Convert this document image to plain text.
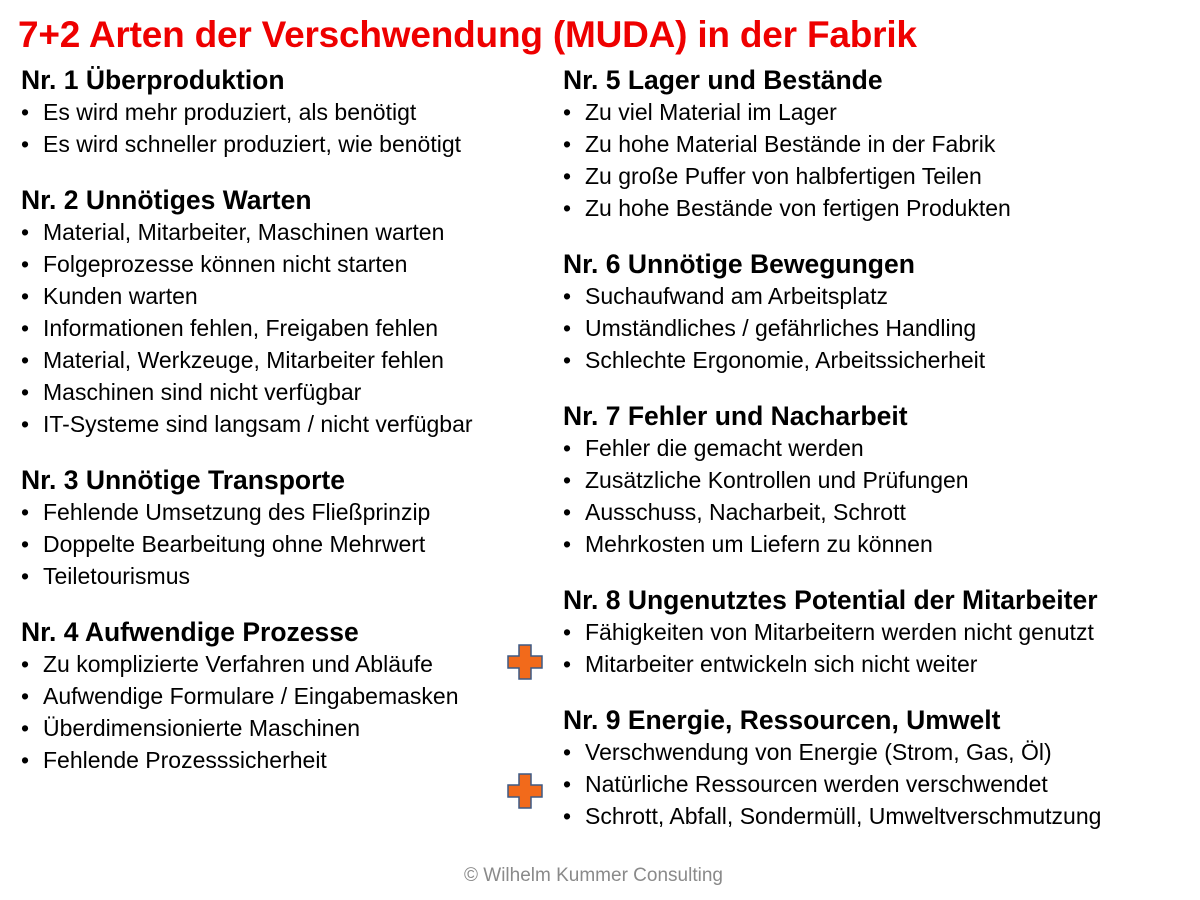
7+2 Arten der Verschwendung (MUDA) in der Fabrik
Nr. 1 Überproduktion
• Es wird mehr produziert, als benötigt
• Es wird schneller produziert, wie benötigt
Nr. 2 Unnötiges Warten
• Material, Mitarbeiter, Maschinen warten
• Folgeprozesse können nicht starten
• Kunden warten
• Informationen fehlen, Freigaben fehlen
• Material, Werkzeuge, Mitarbeiter fehlen
• Maschinen sind nicht verfügbar
• IT-Systeme sind langsam / nicht verfügbar
Nr. 3 Unnötige Transporte
• Fehlende Umsetzung des Fließprinzip
• Doppelte Bearbeitung ohne Mehrwert
• Teiletourismus
Nr. 4 Aufwendige Prozesse
• Zu komplizierte Verfahren und Abläufe
• Aufwendige Formulare / Eingabemasken
• Überdimensionierte Maschinen
• Fehlende Prozesssicherheit
Nr. 5 Lager und Bestände
• Zu viel Material im Lager
• Zu hohe Material Bestände in der Fabrik
• Zu große Puffer von halbfertigen Teilen
• Zu hohe Bestände von fertigen Produkten
Nr. 6 Unnötige Bewegungen
• Suchaufwand am Arbeitsplatz
• Umständliches / gefährliches Handling
• Schlechte Ergonomie, Arbeitssicherheit
Nr. 7 Fehler und Nacharbeit
• Fehler die gemacht werden
• Zusätzliche Kontrollen und Prüfungen
• Ausschuss, Nacharbeit, Schrott
• Mehrkosten um Liefern zu können
Nr. 8 Ungenutztes Potential der Mitarbeiter
• Fähigkeiten von Mitarbeitern werden nicht genutzt
• Mitarbeiter entwickeln sich nicht weiter
Nr. 9 Energie, Ressourcen, Umwelt
• Verschwendung von Energie (Strom, Gas, Öl)
• Natürliche Ressourcen werden verschwendet
• Schrott, Abfall, Sondermüll, Umweltverschmutzung
© Wilhelm Kummer Consulting
